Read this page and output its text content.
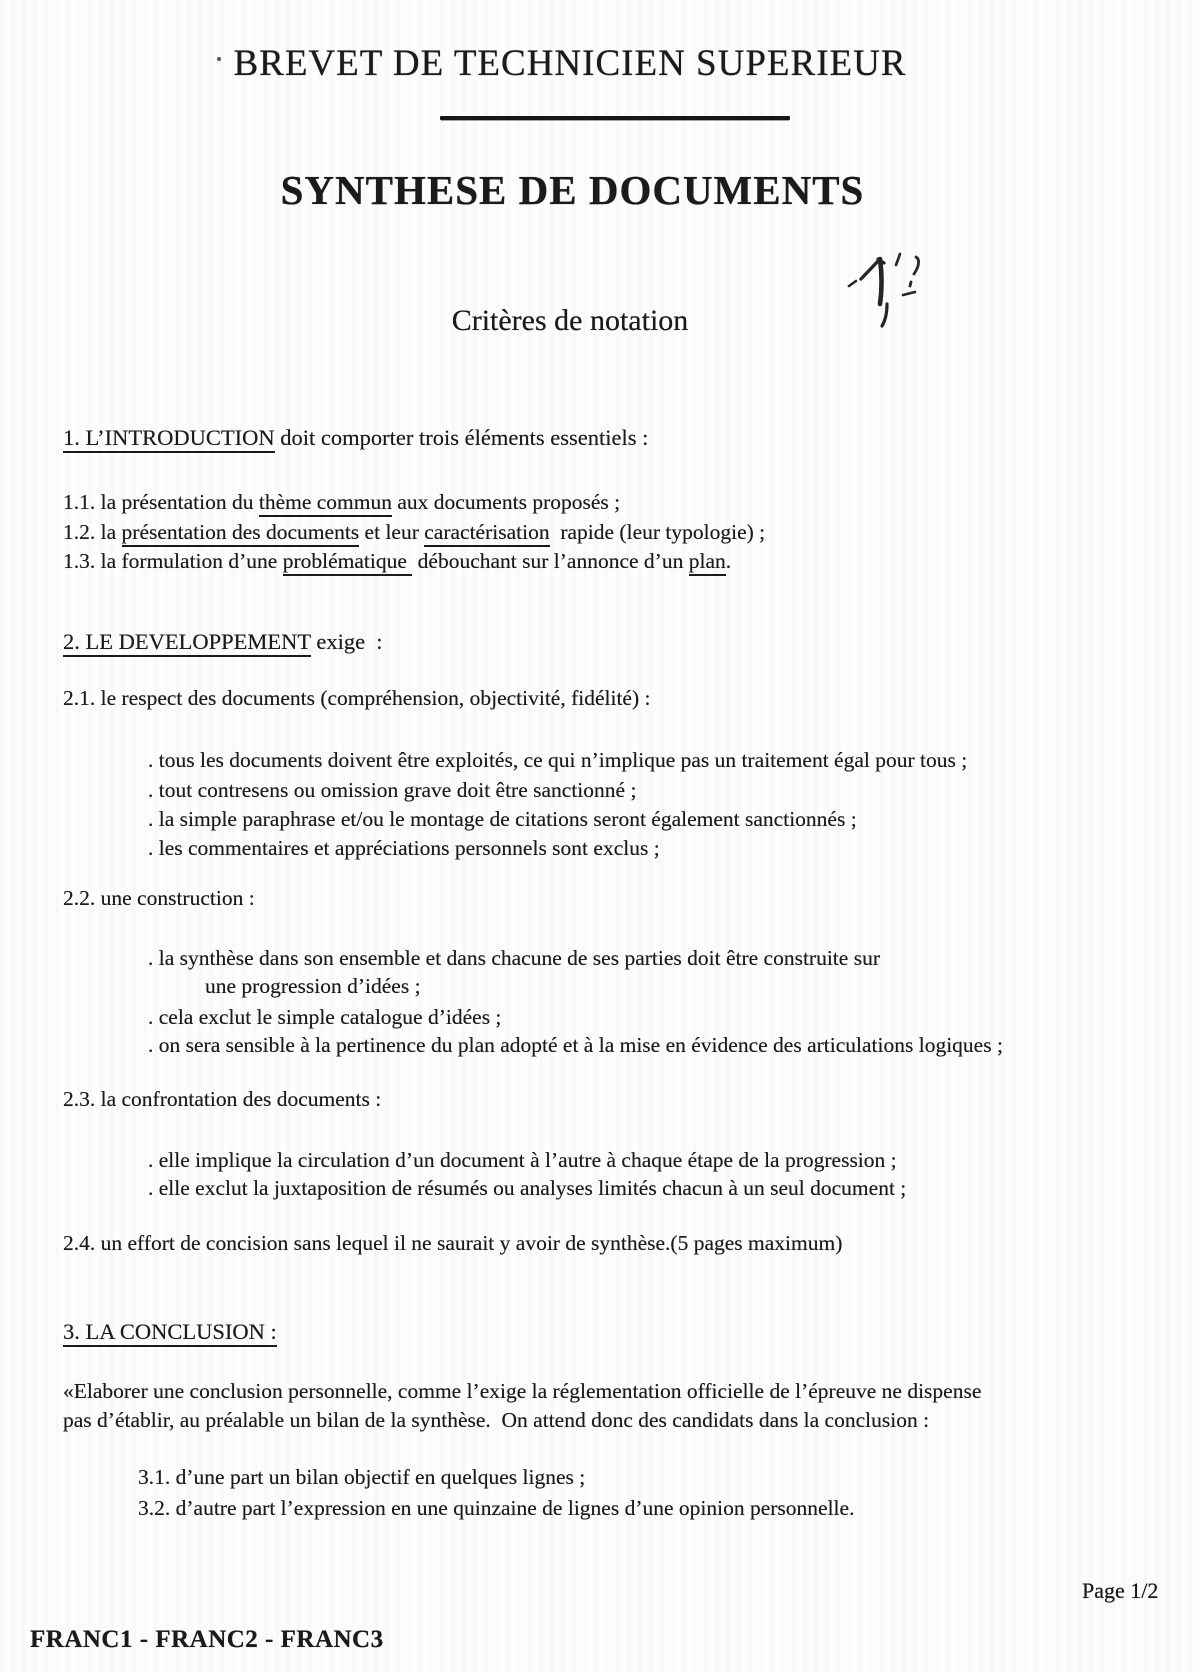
BREVET DE TECHNICIEN SUPERIEUR
SYNTHESE DE DOCUMENTS
Critères de notation
1. L’INTRODUCTION doit comporter trois éléments essentiels :
1.1. la présentation du thème commun aux documents proposés ;
1.2. la présentation des documents et leur caractérisation  rapide (leur typologie) ;
1.3. la formulation d’une problématique  débouchant sur l’annonce d’un plan.
2. LE DEVELOPPEMENT exige  :
2.1. le respect des documents (compréhension, objectivité, fidélité) :
. tous les documents doivent être exploités, ce qui n’implique pas un traitement égal pour tous ;
. tout contresens ou omission grave doit être sanctionné ;
. la simple paraphrase et/ou le montage de citations seront également sanctionnés ;
. les commentaires et appréciations personnels sont exclus ;
2.2. une construction :
. la synthèse dans son ensemble et dans chacune de ses parties doit être construite sur
une progression d’idées ;
. cela exclut le simple catalogue d’idées ;
. on sera sensible à la pertinence du plan adopté et à la mise en évidence des articulations logiques ;
2.3. la confrontation des documents :
. elle implique la circulation d’un document à l’autre à chaque étape de la progression ;
. elle exclut la juxtaposition de résumés ou analyses limités chacun à un seul document ;
2.4. un effort de concision sans lequel il ne saurait y avoir de synthèse.(5 pages maximum)
3. LA CONCLUSION :
«Elaborer une conclusion personnelle, comme l’exige la réglementation officielle de l’épreuve ne dispense
pas d’établir, au préalable un bilan de la synthèse.  On attend donc des candidats dans la conclusion :
3.1. d’une part un bilan objectif en quelques lignes ;
3.2. d’autre part l’expression en une quinzaine de lignes d’une opinion personnelle.
Page 1/2
FRANC1 - FRANC2 - FRANC3
